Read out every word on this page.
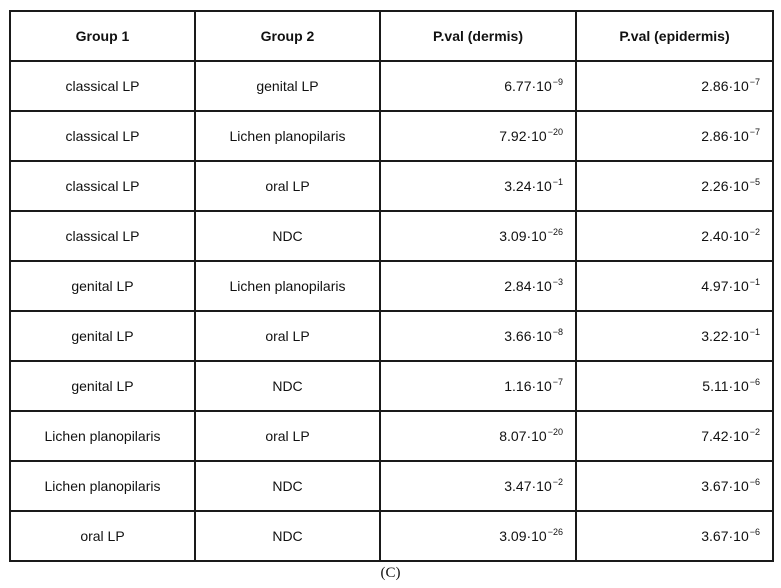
Group 1	Group 2	P.val (dermis)	P.val (epidermis)
classical LP	genital LP	$6.77\cdot 10^{-9}$	$2.86\cdot 10^{-7}$
classical LP	Lichen planopilaris	$7.92\cdot 10^{-20}$	$2.86\cdot 10^{-7}$
classical LP	oral LP	$3.24\cdot 10^{-1}$	$2.26\cdot 10^{-5}$
classical LP	NDC	$3.09\cdot 10^{-26}$	$2.40\cdot 10^{-2}$
genital LP	Lichen planopilaris	$2.84\cdot 10^{-3}$	$4.97\cdot 10^{-1}$
genital LP	oral LP	$3.66\cdot 10^{-8}$	$3.22\cdot 10^{-1}$
genital LP	NDC	$1.16\cdot 10^{-7}$	$5.11\cdot 10^{-6}$
Lichen planopilaris	oral LP	$8.07\cdot 10^{-20}$	$7.42\cdot 10^{-2}$
Lichen planopilaris	NDC	$3.47\cdot 10^{-2}$	$3.67\cdot 10^{-6}$
oral LP	NDC	$3.09\cdot 10^{-26}$	$3.67\cdot 10^{-6}$
(C)
